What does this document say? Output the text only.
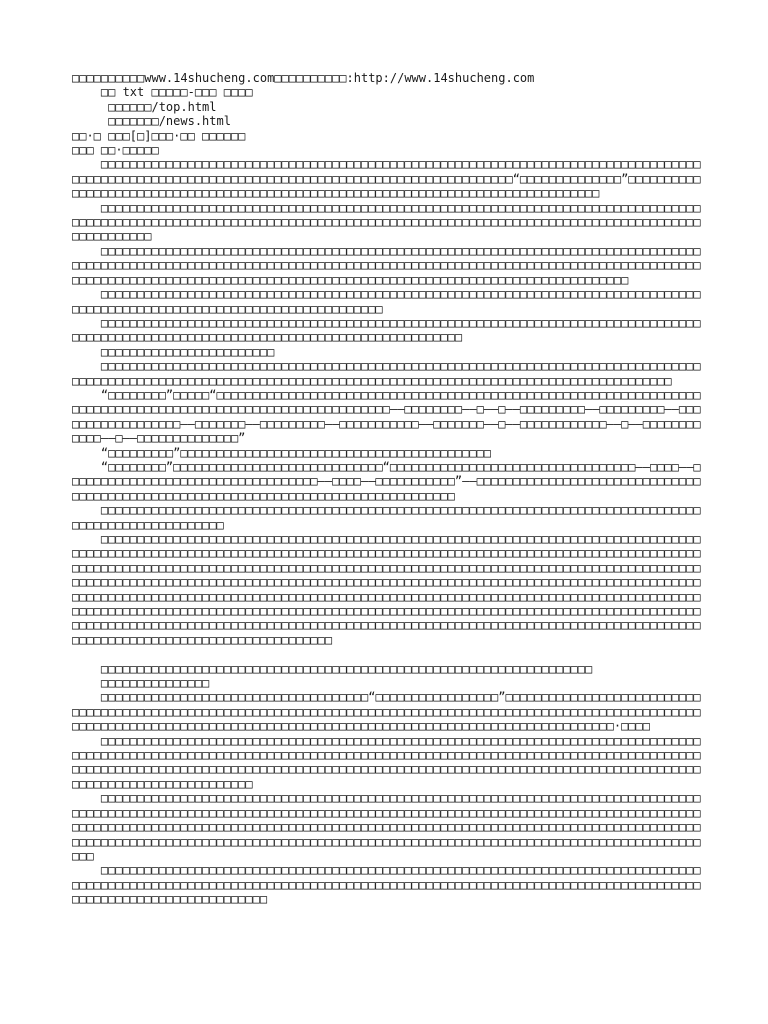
□□□□□□□□□□www.14shucheng.com□□□□□□□□□□:http://www.14shucheng.com

□□ txt □□□□□-□□□ □□□□

□□□□□□/top.html

□□□□□□□/news.html

□□·□ □□□[□]□□□·□□ □□□□□□

□□□ □□·□□□□□

□□□□□□□□□□□□□□□□□□□□□□□□□□□□□□□□□□□□□□□□□□□□□□□□□□□□□□□□□□□□□□□□□□□□□□□□□□□□□□□□□□□□□□□□□□□□□□□□□□□□□□□□□□□□□□□□□□□□□□□□□□□□□□□□□□□□□□□□□□□□□□□□“□□□□□□□□□□□□□□”□□□□□□□□□□□□□□□□□□□□□□□□□□□□□□□□□□□□□□□□□□□□□□□□□□□□□□□□□□□□□□□□□□□□□□□□□□□□□□□□□□□

□□□□□□□□□□□□□□□□□□□□□□□□□□□□□□□□□□□□□□□□□□□□□□□□□□□□□□□□□□□□□□□□□□□□□□□□□□□□□□□□□□□□□□□□□□□□□□□□□□□□□□□□□□□□□□□□□□□□□□□□□□□□□□□□□□□□□□□□□□□□□□□□□□□□□□□□□□□□□□□□□□□□□□□□□□□□□□□□□□□□□

□□□□□□□□□□□□□□□□□□□□□□□□□□□□□□□□□□□□□□□□□□□□□□□□□□□□□□□□□□□□□□□□□□□□□□□□□□□□□□□□□□□□□□□□□□□□□□□□□□□□□□□□□□□□□□□□□□□□□□□□□□□□□□□□□□□□□□□□□□□□□□□□□□□□□□□□□□□□□□□□□□□□□□□□□□□□□□□□□□□□□□□□□□□□□□□□□□□□□□□□□□□□□□□□□□□□□□□□□□□□□□□□□□□□□□□□□□□□□□□□□□□□□□□

□□□□□□□□□□□□□□□□□□□□□□□□□□□□□□□□□□□□□□□□□□□□□□□□□□□□□□□□□□□□□□□□□□□□□□□□□□□□□□□□□□□□□□□□□□□□□□□□□□□□□□□□□□□□□□□□□□□□□□□□□□□□□□

□□□□□□□□□□□□□□□□□□□□□□□□□□□□□□□□□□□□□□□□□□□□□□□□□□□□□□□□□□□□□□□□□□□□□□□□□□□□□□□□□□□□□□□□□□□□□□□□□□□□□□□□□□□□□□□□□□□□□□□□□□□□□□□□□□□□□□□□□

□□□□□□□□□□□□□□□□□□□□□□□□

□□□□□□□□□□□□□□□□□□□□□□□□□□□□□□□□□□□□□□□□□□□□□□□□□□□□□□□□□□□□□□□□□□□□□□□□□□□□□□□□□□□□□□□□□□□□□□□□□□□□□□□□□□□□□□□□□□□□□□□□□□□□□□□□□□□□□□□□□□□□□□□□□□□□□□□□□□□□□□□□□□□□□□

“□□□□□□□□”□□□□□“□□□□□□□□□□□□□□□□□□□□□□□□□□□□□□□□□□□□□□□□□□□□□□□□□□□□□□□□□□□□□□□□□□□□□□□□□□□□□□□□□□□□□□□□□□□□□□□□□□□□□□□□□□□□□□□——□□□□□□□□——□——□——□□□□□□□□□——□□□□□□□□□——□□□□□□□□□□□□□□□□□□——□□□□□□□——□□□□□□□□□——□□□□□□□□□□□——□□□□□□□——□——□□□□□□□□□□□□——□——□□□□□□□□□□□□——□——□□□□□□□□□□□□□□”

“□□□□□□□□□”□□□□□□□□□□□□□□□□□□□□□□□□□□□□□□□□□□□□□□□□□□□

“□□□□□□□□”□□□□□□□□□□□□□□□□□□□□□□□□□□□□□“□□□□□□□□□□□□□□□□□□□□□□□□□□□□□□□□□□——□□□□——□□□□□□□□□□□□□□□□□□□□□□□□□□□□□□□□□□□——□□□□——□□□□□□□□□□□”——□□□□□□□□□□□□□□□□□□□□□□□□□□□□□□□□□□□□□□□□□□□□□□□□□□□□□□□□□□□□□□□□□□□□□□□□□□□□□□□□□□□□

□□□□□□□□□□□□□□□□□□□□□□□□□□□□□□□□□□□□□□□□□□□□□□□□□□□□□□□□□□□□□□□□□□□□□□□□□□□□□□□□□□□□□□□□□□□□□□□□□□□□□□□□

□□□□□□□□□□□□□□□□□□□□□□□□□□□□□□□□□□□□□□□□□□□□□□□□□□□□□□□□□□□□□□□□□□□□□□□□□□□□□□□□□□□□□□□□□□□□□□□□□□□□□□□□□□□□□□□□□□□□□□□□□□□□□□□□□□□□□□□□□□□□□□□□□□□□□□□□□□□□□□□□□□□□□□□□□□□□□□□□□□□□□□□□□□□□□□□□□□□□□□□□□□□□□□□□□□□□□□□□□□□□□□□□□□□□□□□□□□□□□□□□□□□□□□□□□□□□□□□□□□□□□□□□□□□□□□□□□□□□□□□□□□□□□□□□□□□□□□□□□□□□□□□□□□□□□□□□□□□□□□□□□□□□□□□□□□□□□□□□□□□□□□□□□□□□□□□□□□□□□□□□□□□□□□□□□□□□□□□□□□□□□□□□□□□□□□□□□□□□□□□□□□□□□□□□□□□□□□□□□□□□□□□□□□□□□□□□□□□□□□□□□□□□□□□□□□□□□□□□□□□□□□□□□□□□□□□□□□□□□□□□□□□□□□□□□□□□□□□□□□□□□□□□□□□□□□□□□□□□□□□□□□□□□□□□□□□□□□□□□□□□□□□□□□□□□□□□□□□□□□□□□□□□□□□□□□□□□□□□□□□□□□□□□□□□□□□□□□□□□□□□□□□□□□□□□□□□□□□□□□□□□□□□□□□□□□□□□□□□□□□□□

□□□□□□□□□□□□□□□□□□□□□□□□□□□□□□□□□□□□□□□□□□□□□□□□□□□□□□□□□□□□□□□□□□□□

□□□□□□□□□□□□□□□

□□□□□□□□□□□□□□□□□□□□□□□□□□□□□□□□□□□□□“□□□□□□□□□□□□□□□□□”□□□□□□□□□□□□□□□□□□□□□□□□□□□□□□□□□□□□□□□□□□□□□□□□□□□□□□□□□□□□□□□□□□□□□□□□□□□□□□□□□□□□□□□□□□□□□□□□□□□□□□□□□□□□□□□□□□□□□□□□□□□□□□□□□□□□□□□□□□□□□□□□□□□□□□□□□□□□□□□□□□□□□□□□□□□□□□□□□□□□□□□□□□□□□·□□□□

□□□□□□□□□□□□□□□□□□□□□□□□□□□□□□□□□□□□□□□□□□□□□□□□□□□□□□□□□□□□□□□□□□□□□□□□□□□□□□□□□□□□□□□□□□□□□□□□□□□□□□□□□□□□□□□□□□□□□□□□□□□□□□□□□□□□□□□□□□□□□□□□□□□□□□□□□□□□□□□□□□□□□□□□□□□□□□□□□□□□□□□□□□□□□□□□□□□□□□□□□□□□□□□□□□□□□□□□□□□□□□□□□□□□□□□□□□□□□□□□□□□□□□□□□□□□□□□□□□□□□□□□□□□□□□□□□□□□□□□□□□

□□□□□□□□□□□□□□□□□□□□□□□□□□□□□□□□□□□□□□□□□□□□□□□□□□□□□□□□□□□□□□□□□□□□□□□□□□□□□□□□□□□□□□□□□□□□□□□□□□□□□□□□□□□□□□□□□□□□□□□□□□□□□□□□□□□□□□□□□□□□□□□□□□□□□□□□□□□□□□□□□□□□□□□□□□□□□□□□□□□□□□□□□□□□□□□□□□□□□□□□□□□□□□□□□□□□□□□□□□□□□□□□□□□□□□□□□□□□□□□□□□□□□□□□□□□□□□□□□□□□□□□□□□□□□□□□□□□□□□□□□□□□□□□□□□□□□□□□□□□□□□□□□□□□□□□□□□□□□□□□□□□□□□□□□□□□□□□□□□□□□□□□□□□

□□□□□□□□□□□□□□□□□□□□□□□□□□□□□□□□□□□□□□□□□□□□□□□□□□□□□□□□□□□□□□□□□□□□□□□□□□□□□□□□□□□□□□□□□□□□□□□□□□□□□□□□□□□□□□□□□□□□□□□□□□□□□□□□□□□□□□□□□□□□□□□□□□□□□□□□□□□□□□□□□□□□□□□□□□□□□□□□□□□□□□□□□□□□□□□□□□□□□
